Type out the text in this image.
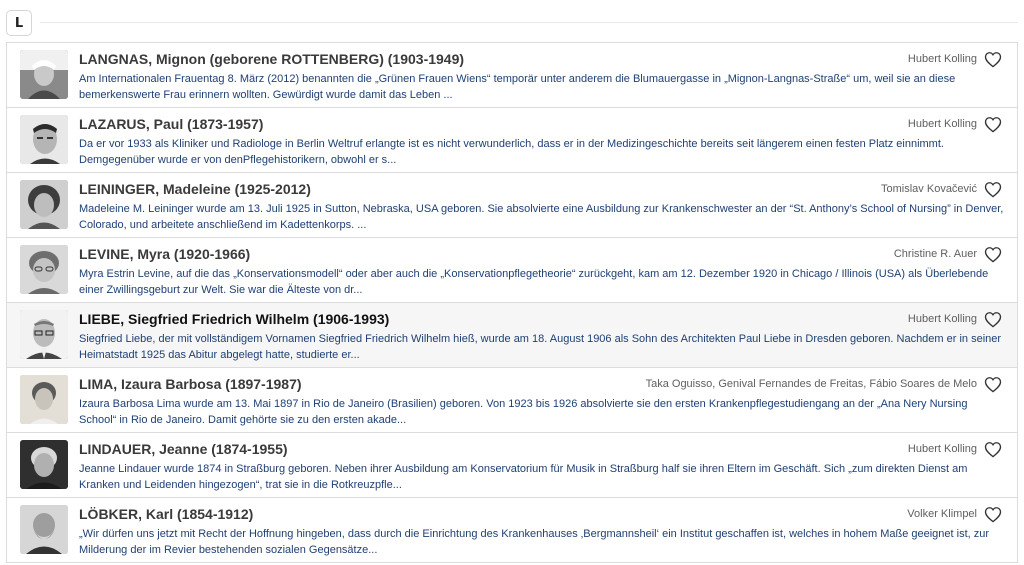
L
LANGNAS, Mignon (geborene ROTTENBERG) (1903-1949)	Hubert Kolling
Am Internationalen Frauentag 8. März (2012) benannten die „Grünen Frauen Wiens“ temporär unter anderem die Blumauergasse in „Mignon-Langnas-Straße“ um, weil sie an diese bemerkenswerte Frau erinnern wollten. Gewürdigt wurde damit das Leben ...
LAZARUS, Paul (1873-1957)	Hubert Kolling
Da er vor 1933 als Kliniker und Radiologe in Berlin Weltruf erlangte ist es nicht verwunderlich, dass er in der Medizingeschichte bereits seit längerem einen festen Platz einnimmt. Demgegenüber wurde er von denPflegehistorikern, obwohl er s...
LEININGER, Madeleine (1925-2012)	Tomislav Kovačević
Madeleine M. Leininger wurde am 13. Juli 1925 in Sutton, Nebraska, USA geboren. Sie absolvierte eine Ausbildung zur Krankenschwester an der “St. Anthony’s School of Nursing” in Denver, Colorado, und arbeitete anschließend im Kadettenkorps. ...
LEVINE, Myra (1920-1966)	Christine R. Auer
Myra Estrin Levine, auf die das „Konservationsmodell“ oder aber auch die „Konservationpflegetheorie“ zurückgeht, kam am 12. Dezember 1920 in Chicago / Illinois (USA) als Überlebende einer Zwillingsgeburt zur Welt. Sie war die Älteste von dr...
LIEBE, Siegfried Friedrich Wilhelm (1906-1993)	Hubert Kolling
Siegfried Liebe, der mit vollständigem Vornamen Siegfried Friedrich Wilhelm hieß, wurde am 18. August 1906 als Sohn des Architekten Paul Liebe in Dresden geboren. Nachdem er in seiner Heimatstadt 1925 das Abitur abgelegt hatte, studierte er...
LIMA, Izaura Barbosa (1897-1987)	Taka Oguisso, Genival Fernandes de Freitas, Fábio Soares de Melo
Izaura Barbosa Lima wurde am 13. Mai 1897 in Rio de Janeiro (Brasilien) geboren. Von 1923 bis 1926 absolvierte sie den ersten Krankenpflegestudiengang an der „Ana Nery Nursing School“ in Rio de Janeiro. Damit gehörte sie zu den ersten akade...
LINDAUER, Jeanne (1874-1955)	Hubert Kolling
Jeanne Lindauer wurde 1874 in Straßburg geboren. Neben ihrer Ausbildung am Konservatorium für Musik in Straßburg half sie ihren Eltern im Geschäft. Sich „zum direkten Dienst am Kranken und Leidenden hingezogen“, trat sie in die Rotkreuzpfle...
LÖBKER, Karl (1854-1912)	Volker Klimpel
„Wir dürfen uns jetzt mit Recht der Hoffnung hingeben, dass durch die Einrichtung des Krankenhauses ‚Bergmannsheil‘ ein Institut geschaffen ist, welches in hohem Maße geeignet ist, zur Milderung der im Revier bestehenden sozialen Gegensätze...
